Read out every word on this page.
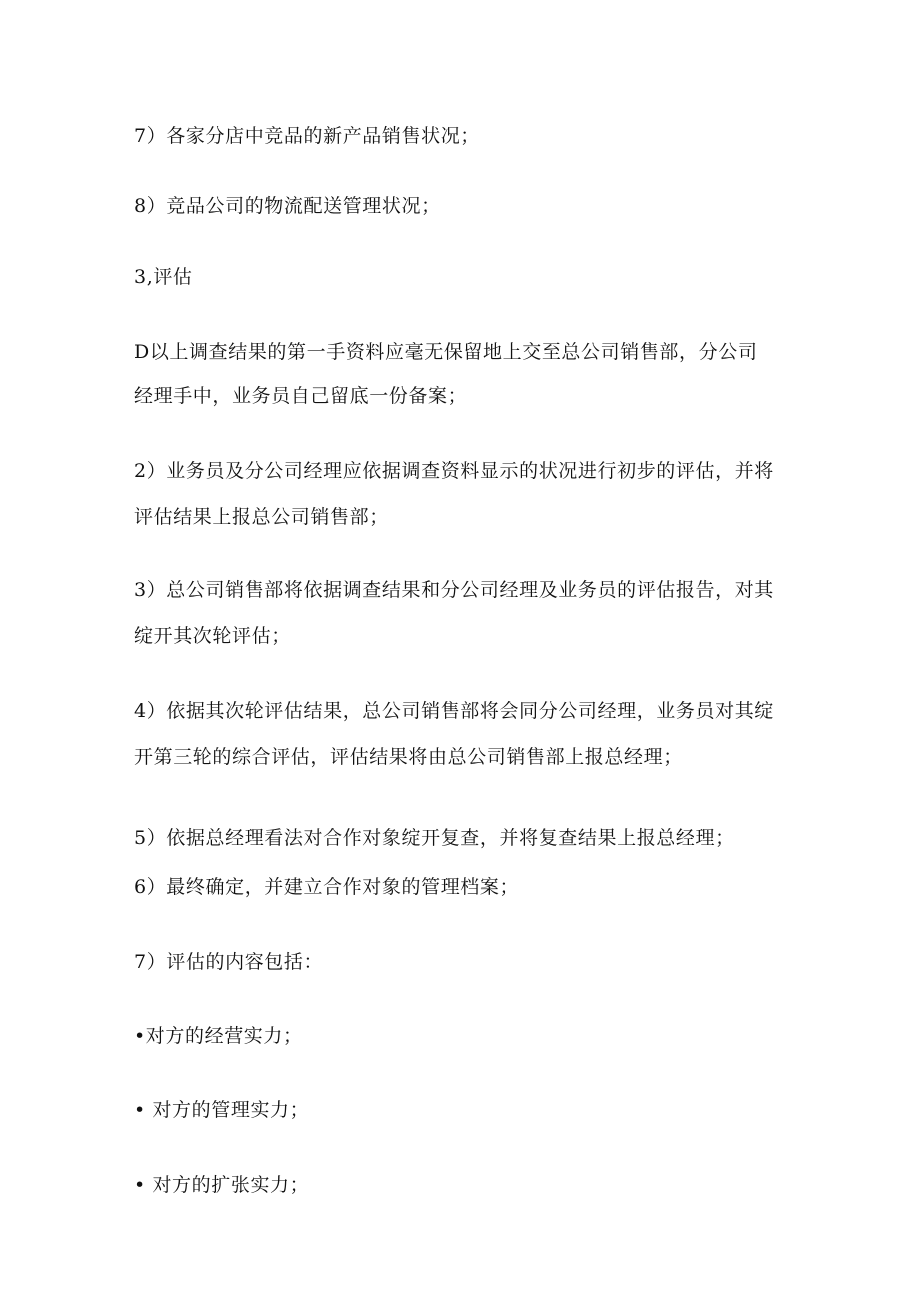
7）各家分店中竞品的新产品销售状况；
8）竞品公司的物流配送管理状况；
3,评估
D以上调查结果的第一手资料应毫无保留地上交至总公司销售部，分公司
经理手中，业务员自己留底一份备案；
2）业务员及分公司经理应依据调查资料显示的状况进行初步的评估，并将
评估结果上报总公司销售部；
3）总公司销售部将依据调查结果和分公司经理及业务员的评估报告，对其
绽开其次轮评估；
4）依据其次轮评估结果，总公司销售部将会同分公司经理，业务员对其绽
开第三轮的综合评估，评估结果将由总公司销售部上报总经理；
5）依据总经理看法对合作对象绽开复查，并将复查结果上报总经理；
6）最终确定，并建立合作对象的管理档案；
7）评估的内容包括：
•对方的经营实力；
• 对方的管理实力；
• 对方的扩张实力；
